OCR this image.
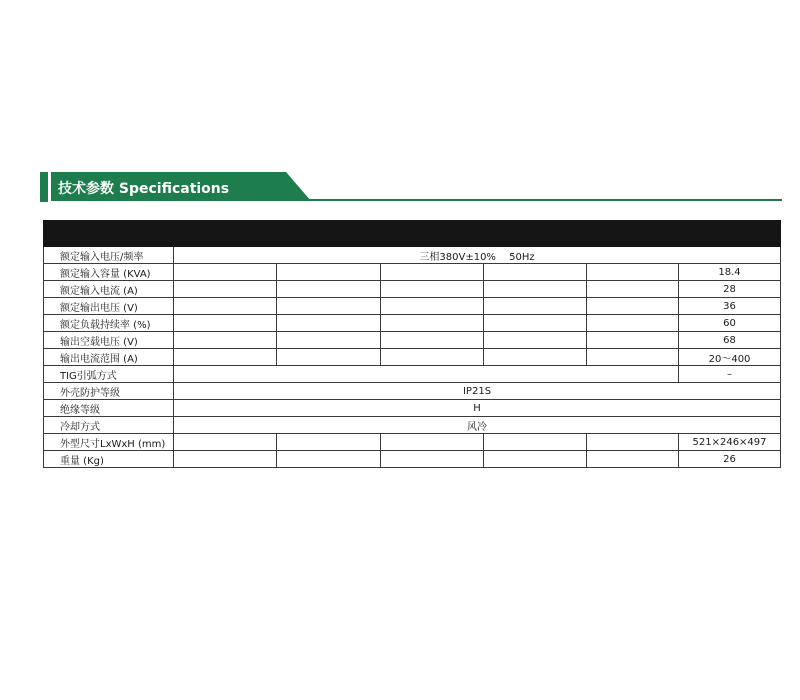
技术参数 Specifications

额定输入电压/频率	三相380V±10%　 50Hz					
额定输入容量 (KVA)						18.4
额定输入电流 (A)						28
额定输出电压 (V)						36
额定负载持续率 (%)						60
输出空载电压 (V)						68
输出电流范围 (A)						20～400
TIG引弧方式						–
外壳防护等级	IP21S					
绝缘等级	H					
冷却方式	风冷					
外型尺寸LxWxH (mm)						521×246×497
重量 (Kg)						26
